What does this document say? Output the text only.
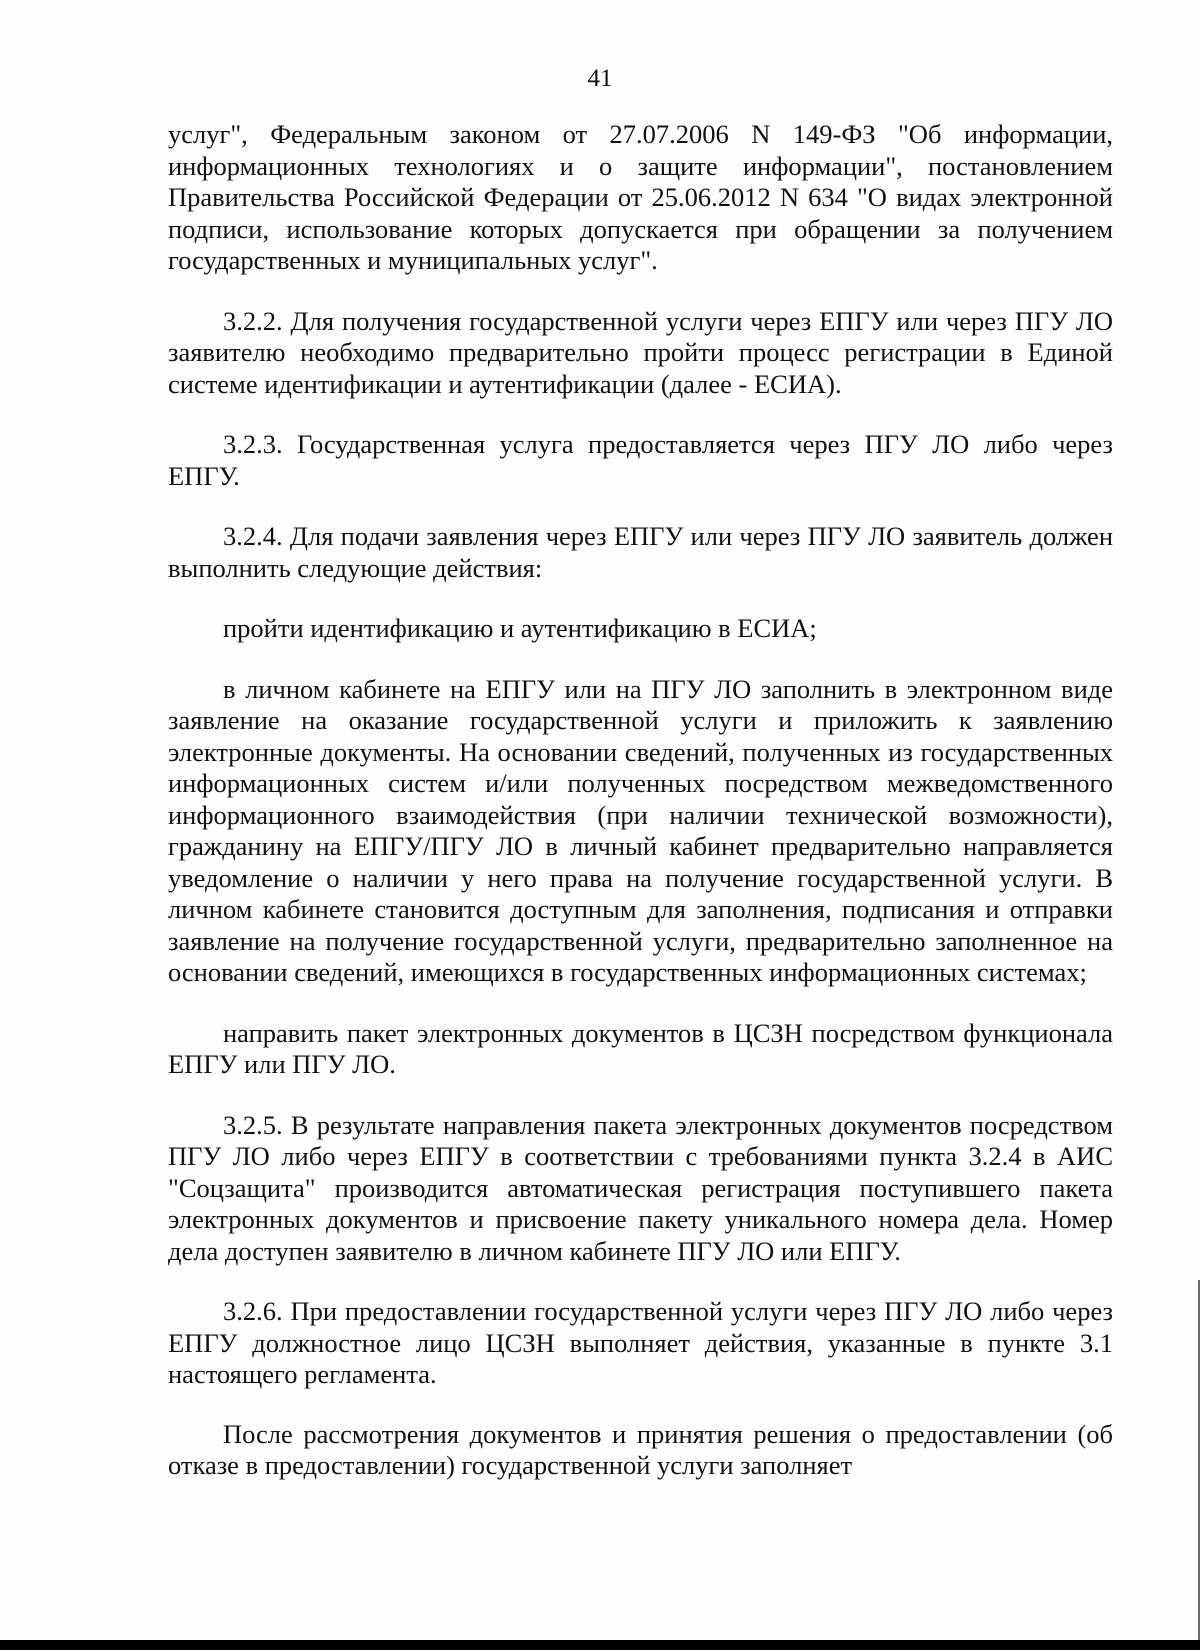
41

услуг", Федеральным законом от 27.07.2006 N 149-ФЗ "Об информации, информационных технологиях и о защите информации", постановлением Правительства Российской Федерации от 25.06.2012 N 634 "О видах электронной подписи, использование которых допускается при обращении за получением государственных и муниципальных услуг".

3.2.2. Для получения государственной услуги через ЕПГУ или через ПГУ ЛО заявителю необходимо предварительно пройти процесс регистрации в Единой системе идентификации и аутентификации (далее - ЕСИА).

3.2.3. Государственная услуга предоставляется через ПГУ ЛО либо через ЕПГУ.

3.2.4. Для подачи заявления через ЕПГУ или через ПГУ ЛО заявитель должен выполнить следующие действия:

пройти идентификацию и аутентификацию в ЕСИА;

в личном кабинете на ЕПГУ или на ПГУ ЛО заполнить в электронном виде заявление на оказание государственной услуги и приложить к заявлению электронные документы. На основании сведений, полученных из государственных информационных систем и/или полученных посредством межведомственного информационного взаимодействия (при наличии технической возможности), гражданину на ЕПГУ/ПГУ ЛО в личный кабинет предварительно направляется уведомление о наличии у него права на получение государственной услуги. В личном кабинете становится доступным для заполнения, подписания и отправки заявление на получение государственной услуги, предварительно заполненное на основании сведений, имеющихся в государственных информационных системах;

направить пакет электронных документов в ЦСЗН посредством функционала ЕПГУ или ПГУ ЛО.

3.2.5. В результате направления пакета электронных документов посредством ПГУ ЛО либо через ЕПГУ в соответствии с требованиями пункта 3.2.4 в АИС "Соцзащита" производится автоматическая регистрация поступившего пакета электронных документов и присвоение пакету уникального номера дела. Номер дела доступен заявителю в личном кабинете ПГУ ЛО или ЕПГУ.

3.2.6. При предоставлении государственной услуги через ПГУ ЛО либо через ЕПГУ должностное лицо ЦСЗН выполняет действия, указанные в пункте 3.1 настоящего регламента.

После рассмотрения документов и принятия решения о предоставлении (об отказе в предоставлении) государственной услуги заполняет
